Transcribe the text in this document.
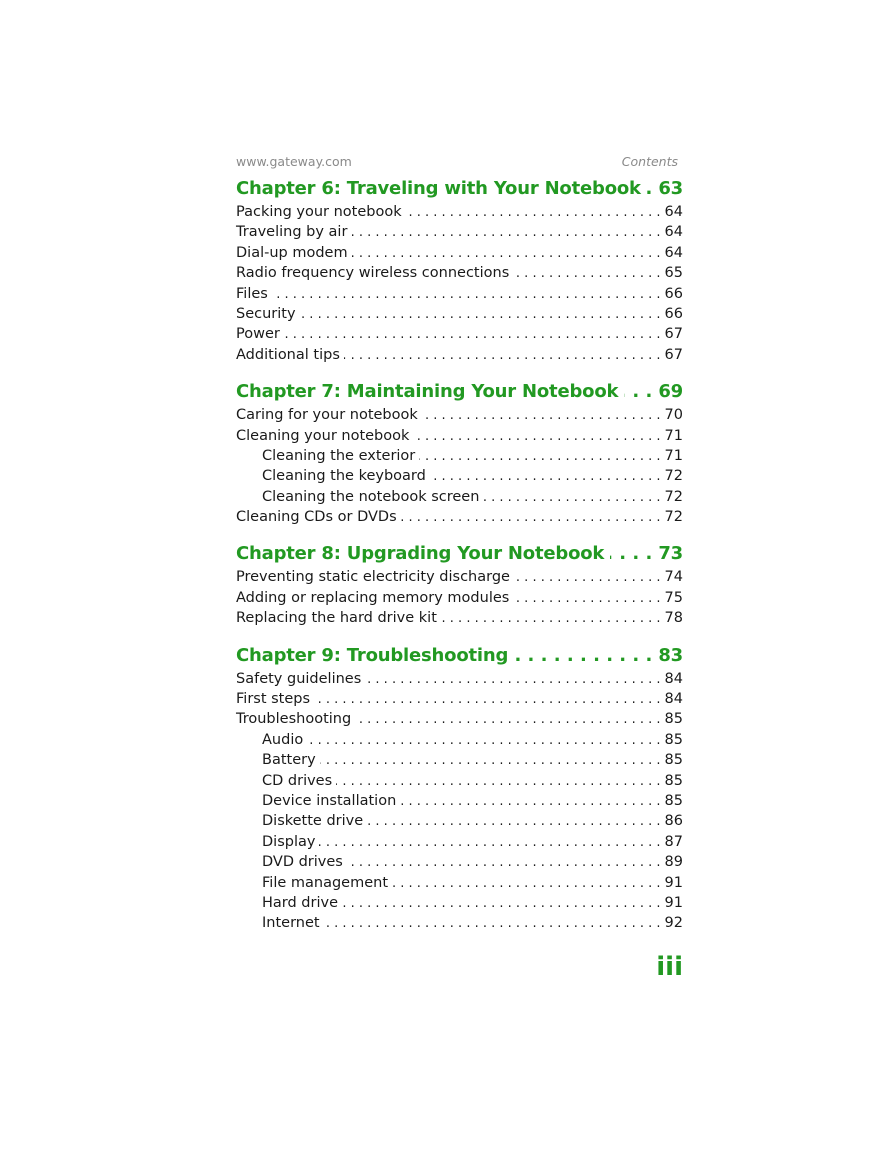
www.gateway.com	Contents
Chapter 6: Traveling with Your Notebook . . . 63
Packing your notebook . . .	64
Traveling by air . . .	64
Dial-up modem . . .	64
Radio frequency wireless connections . . .	65
Files . . .	66
Security . . .	66
Power . . .	67
Additional tips . . .	67
Chapter 7: Maintaining Your Notebook . . . 69
Caring for your notebook . . .	70
Cleaning your notebook . . .	71
Cleaning the exterior . . .	71
Cleaning the keyboard . . .	72
Cleaning the notebook screen . . .	72
Cleaning CDs or DVDs . . .	72
Chapter 8: Upgrading Your Notebook . . .	73
Preventing static electricity discharge . . .	74
Adding or replacing memory modules . . .	75
Replacing the hard drive kit . . .	78
Chapter 9: Troubleshooting . . .	83
Safety guidelines . . .	84
First steps . . .	84
Troubleshooting . . .	85
Audio . . .	85
Battery . . .	85
CD drives . . .	85
Device installation . . .	85
Diskette drive . . .	86
Display . . .	87
DVD drives . . .	89
File management . . .	91
Hard drive . . .	91
Internet . . .	92
iii
